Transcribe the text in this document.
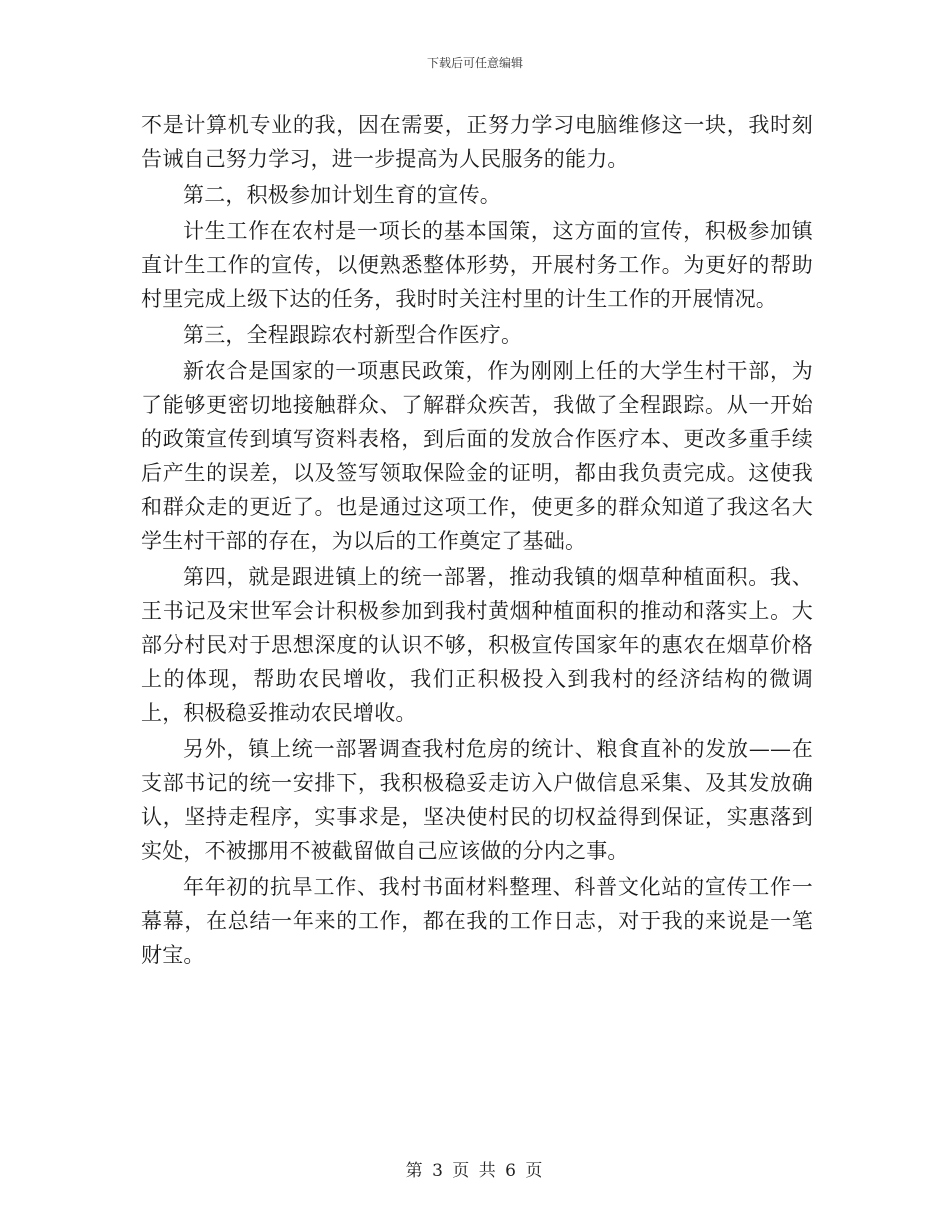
下载后可任意编辑

不是计算机专业的我，因在需要，正努力学习电脑维修这一块，我时刻告诫自己努力学习，进一步提高为人民服务的能力。

第二，积极参加计划生育的宣传。

计生工作在农村是一项长的基本国策，这方面的宣传，积极参加镇直计生工作的宣传，以便熟悉整体形势，开展村务工作。为更好的帮助村里完成上级下达的任务，我时时关注村里的计生工作的开展情况。

第三，全程跟踪农村新型合作医疗。

新农合是国家的一项惠民政策，作为刚刚上任的大学生村干部，为了能够更密切地接触群众、了解群众疾苦，我做了全程跟踪。从一开始的政策宣传到填写资料表格，到后面的发放合作医疗本、更改多重手续后产生的误差，以及签写领取保险金的证明，都由我负责完成。这使我和群众走的更近了。也是通过这项工作，使更多的群众知道了我这名大学生村干部的存在，为以后的工作奠定了基础。

第四，就是跟进镇上的统一部署，推动我镇的烟草种植面积。我、王书记及宋世军会计积极参加到我村黄烟种植面积的推动和落实上。大部分村民对于思想深度的认识不够，积极宣传国家年的惠农在烟草价格上的体现，帮助农民增收，我们正积极投入到我村的经济结构的微调上，积极稳妥推动农民增收。

另外，镇上统一部署调查我村危房的统计、粮食直补的发放——在支部书记的统一安排下，我积极稳妥走访入户做信息采集、及其发放确认，坚持走程序，实事求是，坚决使村民的切权益得到保证，实惠落到实处，不被挪用不被截留做自己应该做的分内之事。

年年初的抗旱工作、我村书面材料整理、科普文化站的宣传工作一幕幕，在总结一年来的工作，都在我的工作日志，对于我的来说是一笔财宝。

第 3 页 共 6 页
